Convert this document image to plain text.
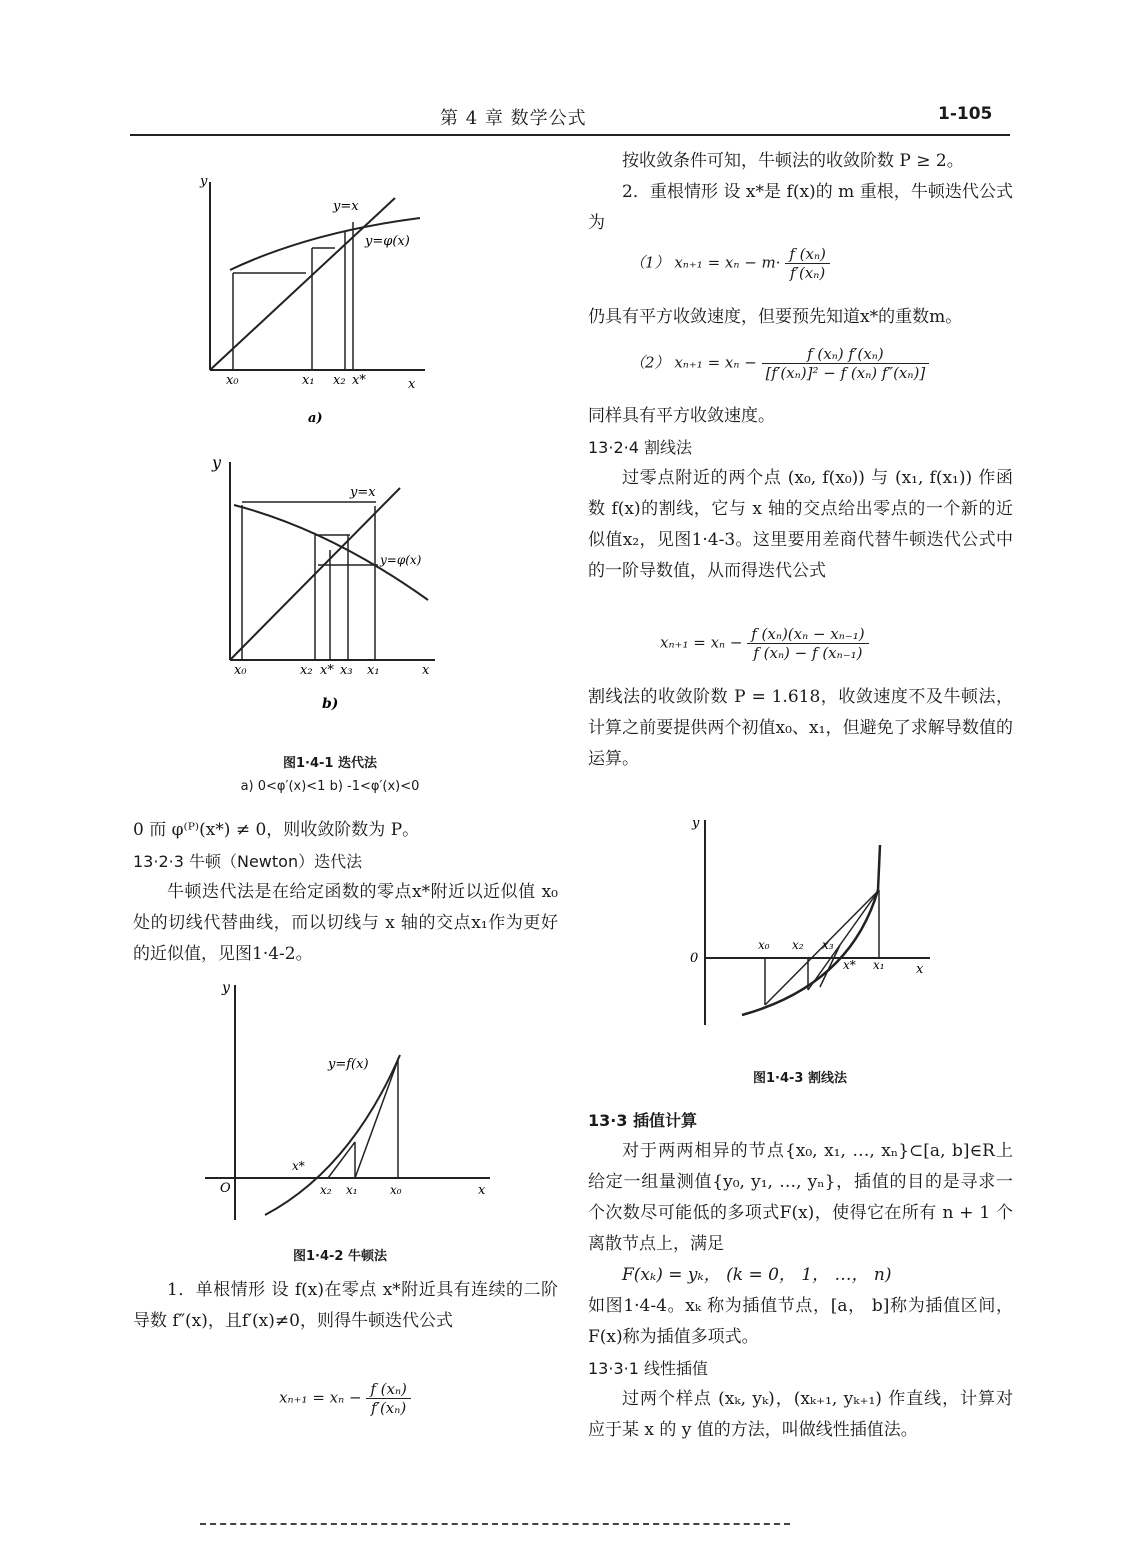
第 4 章 数学公式	1-105
y
x
y=x
y=φ(x)
x₀	x₁ x₂ x*
a)
y
x
y=x
y=φ(x)
x₀	x₂ x* x₃ x₁
b)
图1·4-1 迭代法
a) 0<φ′(x)<1 b) -1<φ′(x)<0

0 而 φ⁽ᴾ⁾(x*) ≠ 0，则收敛阶数为 P。

13·2·3 牛顿（Newton）迭代法

牛顿迭代法是在给定函数的零点x*附近以近似值 x₀处的切线代替曲线，而以切线与 x 轴的交点x₁作为更好的近似值，见图1·4-2。

y
x
O
y=f(x)
x*
x₂ x₁	x₀
图1·4-2 牛顿法

1．单根情形 设 f(x)在零点 x*附近具有连续的二阶导数 f″(x)，且f′(x)≠0，则得牛顿迭代公式

$x_{n+1} = x_n - \frac{\text{f (xₙ)}}{\text{f′(xₙ)}}$

按收敛条件可知，牛顿法的收敛阶数 P ≥ 2。

2．重根情形 设 x*是 f(x)的 m 重根，牛顿迭代公式为

（1） $x_{n+1} = x_n - m\cdot \frac{\text{f (xₙ)}}{\text{f′(xₙ)}}$

仍具有平方收敛速度，但要预先知道x*的重数m。

（2） $x_{n+1} = x_n - \frac{\text{f (xₙ) f′(xₙ)}}{\text{[f′(xₙ)]² − f (xₙ) f″(xₙ)]}}$

同样具有平方收敛速度。

13·2·4 割线法

过零点附近的两个点 (x₀, f(x₀)) 与 (x₁, f(x₁)) 作函数 f(x)的割线，它与 x 轴的交点给出零点的一个新的近似值x₂，见图1·4-3。这里要用差商代替牛顿迭代公式中的一阶导数值，从而得迭代公式

$x_{n+1} = x_n - \frac{\text{f (xₙ)(xₙ − xₙ₋₁)}}{\text{f (xₙ) − f (xₙ₋₁)}}$

割线法的收敛阶数 P = 1.618，收敛速度不及牛顿法，计算之前要提供两个初值x₀、x₁，但避免了求解导数值的运算。

y
x
0
x₀ x₂ x₃
x* x₁
图1·4-3 割线法

13·3 插值计算

对于两两相异的节点{x₀, x₁, …, xₙ}⊂[a, b]∈R上给定一组量测值{y₀, y₁, …, yₙ}，插值的目的是寻求一个次数尽可能低的多项式F(x)，使得它在所有 n + 1 个离散节点上，满足

F(xₖ) = yₖ， (k = 0， 1， …， n)

如图1·4-4。xₖ 称为插值节点，[a， b]称为插值区间，F(x)称为插值多项式。

13·3·1 线性插值

过两个样点 (xₖ, yₖ)，(xₖ₊₁, yₖ₊₁) 作直线，计算对应于某 x 的 y 值的方法，叫做线性插值法。
